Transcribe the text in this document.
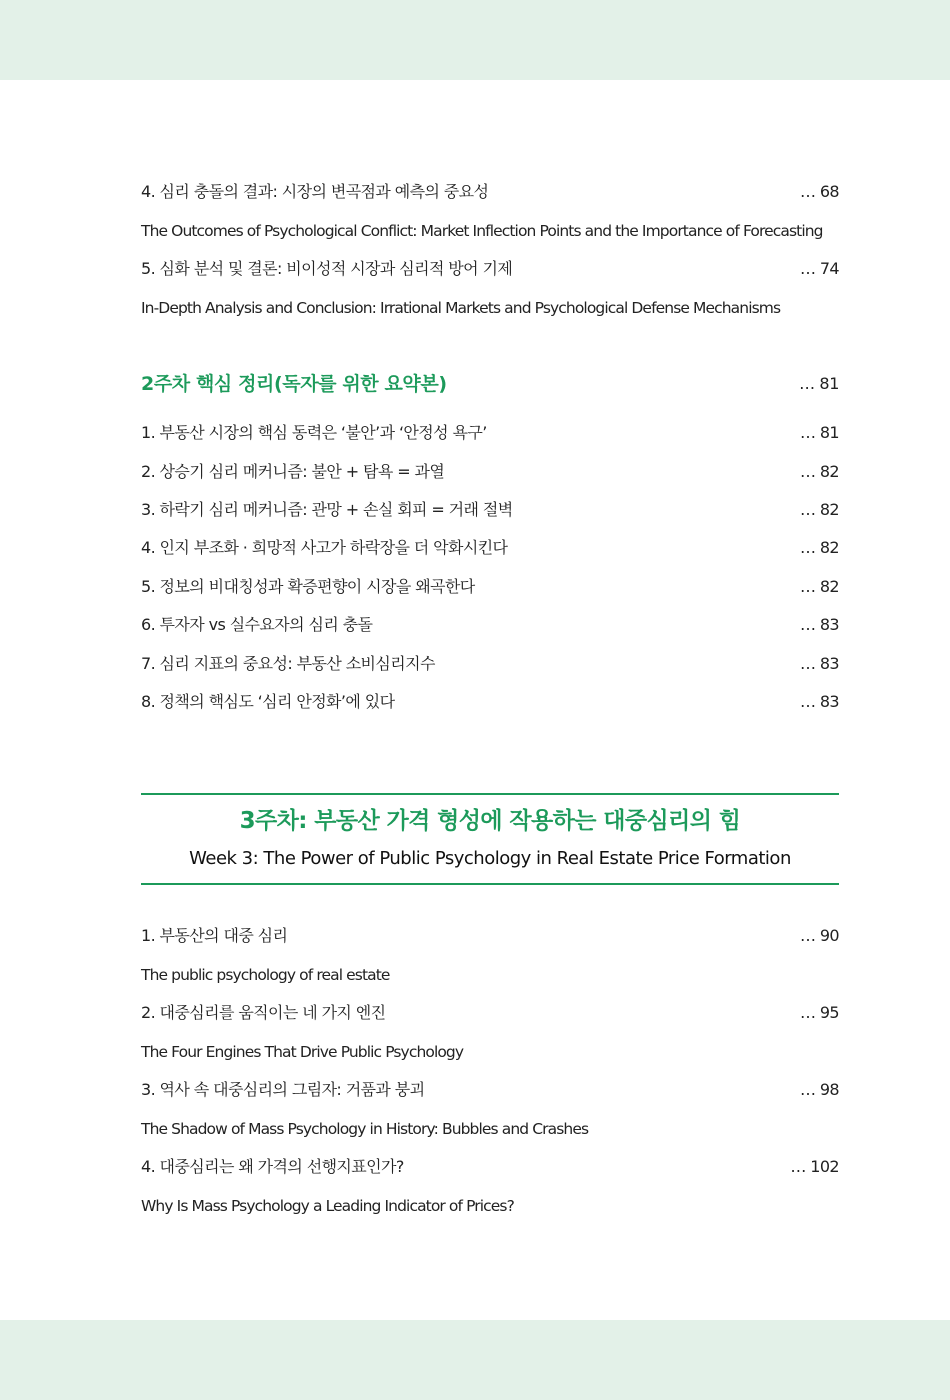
4. 심리 충돌의 결과: 시장의 변곡점과 예측의 중요성	… 68
The Outcomes of Psychological Conflict: Market Inflection Points and the Importance of Forecasting
5. 심화 분석 및 결론: 비이성적 시장과 심리적 방어 기제	… 74
In-Depth Analysis and Conclusion: Irrational Markets and Psychological Defense Mechanisms
2주차 핵심 정리(독자를 위한 요약본)	… 81
1. 부동산 시장의 핵심 동력은 ‘불안’과 ‘안정성 욕구’	… 81
2. 상승기 심리 메커니즘: 불안 + 탐욕 = 과열	… 82
3. 하락기 심리 메커니즘: 관망 + 손실 회피 = 거래 절벽	… 82
4. 인지 부조화 · 희망적 사고가 하락장을 더 악화시킨다	… 82
5. 정보의 비대칭성과 확증편향이 시장을 왜곡한다	… 82
6. 투자자 vs 실수요자의 심리 충돌	… 83
7. 심리 지표의 중요성: 부동산 소비심리지수	… 83
8. 정책의 핵심도 ‘심리 안정화’에 있다	… 83
3주차: 부동산 가격 형성에 작용하는 대중심리의 힘
Week 3: The Power of Public Psychology in Real Estate Price Formation
1. 부동산의 대중 심리	… 90
The public psychology of real estate
2. 대중심리를 움직이는 네 가지 엔진	… 95
The Four Engines That Drive Public Psychology
3. 역사 속 대중심리의 그림자: 거품과 붕괴	… 98
The Shadow of Mass Psychology in History: Bubbles and Crashes
4. 대중심리는 왜 가격의 선행지표인가?	… 102
Why Is Mass Psychology a Leading Indicator of Prices?
